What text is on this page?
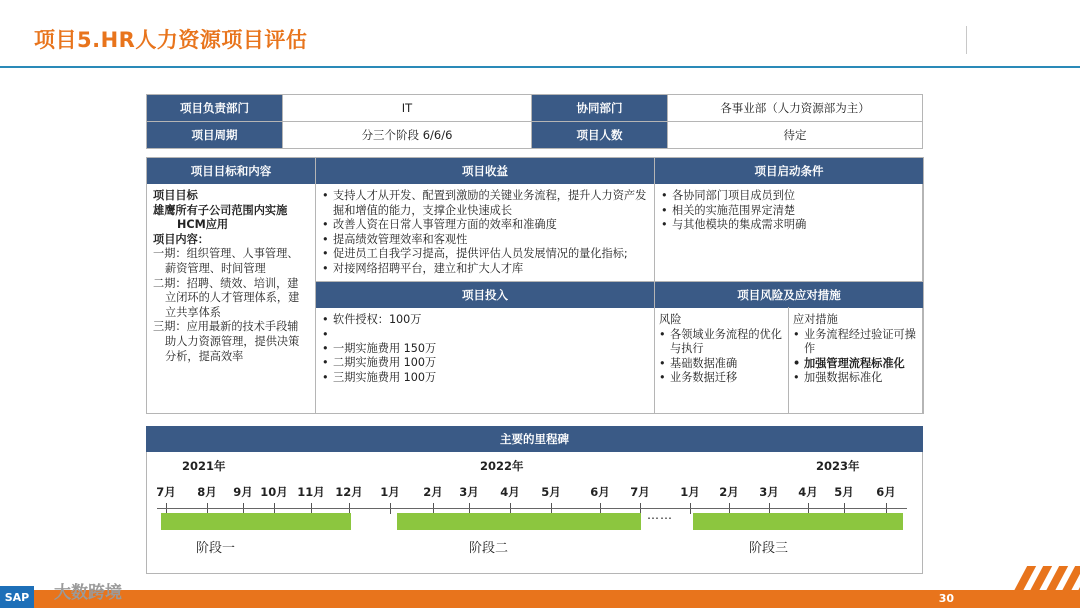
项目5.HR人力资源项目评估
项目负责部门	IT	协同部门	各事业部（人力资源部为主）
项目周期	分三个阶段 6/6/6	项目人数	待定
项目目标和内容
项目目标
雄鹰所有子公司范围内实施
HCM应用
项目内容：
一期：组织管理、人事管理、
薪资管理、时间管理
二期：招聘、绩效、培训，建
立闭环的人才管理体系，建
立共享体系
三期：应用最新的技术手段辅
助人力资源管理，提供决策
分析，提高效率
项目收益
• 支持人才从开发、配置到激励的关键业务流程，提升人力资产发掘和增值的能力，支撑企业快速成长
• 改善人资在日常人事管理方面的效率和准确度
• 提高绩效管理效率和客观性
• 促进员工自我学习提高，提供评估人员发展情况的量化指标;
• 对接网络招聘平台，建立和扩大人才库
项目启动条件
• 各协同部门项目成员到位
• 相关的实施范围界定清楚
• 与其他模块的集成需求明确
项目投入
• 软件授权：100万
•
• 一期实施费用 150万
• 二期实施费用 100万
• 三期实施费用 100万
项目风险及应对措施
风险
• 各领域业务流程的优化与执行
• 基础数据准确
• 业务数据迁移
应对措施
• 业务流程经过验证可操作
• 加强管理流程标准化
• 加强数据标准化
主要的里程碑
2021年	2022年	2023年
7月 8月 9月 10月 11月 12月 1月 2月 3月 4月 5月	6月 7月	1月 2月 3月 4月 5月 6月
……
阶段一	阶段二	阶段三
30
SAP 大数跨境
